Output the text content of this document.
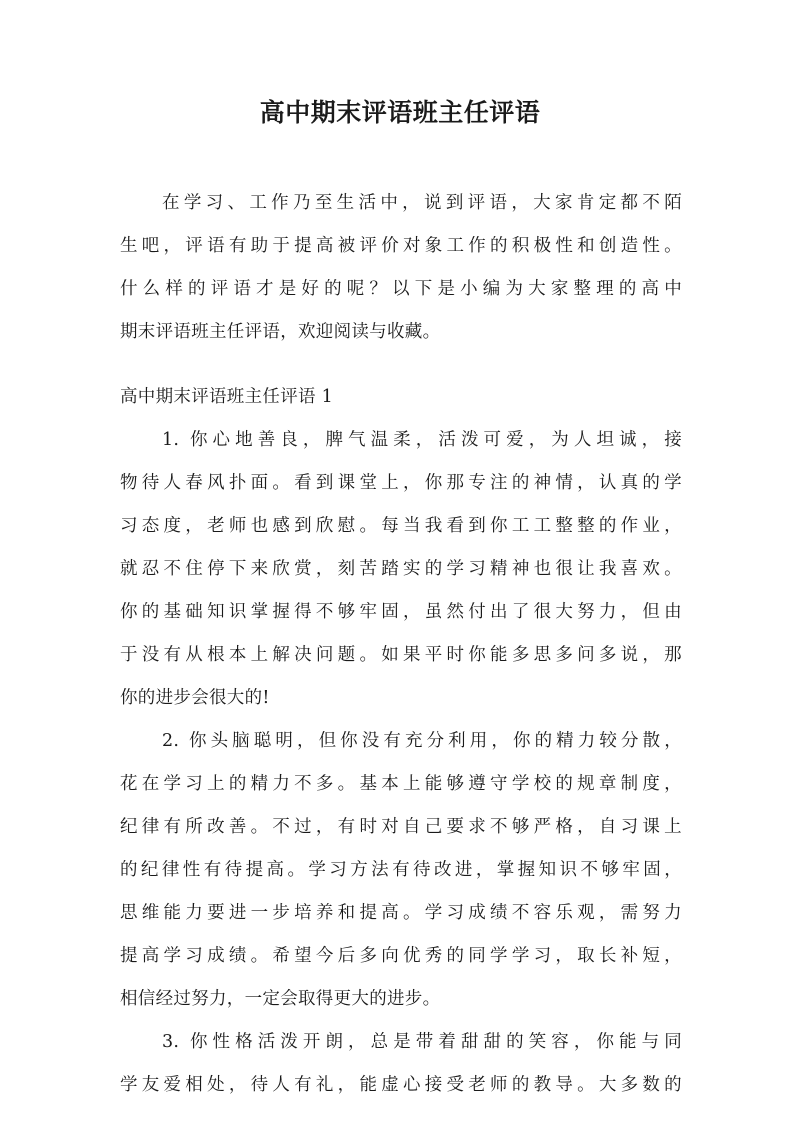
高中期末评语班主任评语
在学习、工作乃至生活中，说到评语，大家肯定都不陌
生吧，评语有助于提高被评价对象工作的积极性和创造性。
什么样的评语才是好的呢？以下是小编为大家整理的高中
期末评语班主任评语，欢迎阅读与收藏。
高中期末评语班主任评语 1
1. 你心地善良，脾气温柔，活泼可爱，为人坦诚，接
物待人春风扑面。看到课堂上，你那专注的神情，认真的学
习态度，老师也感到欣慰。每当我看到你工工整整的作业，
就忍不住停下来欣赏，刻苦踏实的学习精神也很让我喜欢。
你的基础知识掌握得不够牢固，虽然付出了很大努力，但由
于没有从根本上解决问题。如果平时你能多思多问多说，那
你的进步会很大的!
2. 你头脑聪明，但你没有充分利用，你的精力较分散，
花在学习上的精力不多。基本上能够遵守学校的规章制度，
纪律有所改善。不过，有时对自己要求不够严格，自习课上
的纪律性有待提高。学习方法有待改进，掌握知识不够牢固，
思维能力要进一步培养和提高。学习成绩不容乐观，需努力
提高学习成绩。希望今后多向优秀的同学学习，取长补短，
相信经过努力，一定会取得更大的进步。
3. 你性格活泼开朗，总是带着甜甜的笑容，你能与同
学友爱相处，待人有礼，能虚心接受老师的教导。大多数的
